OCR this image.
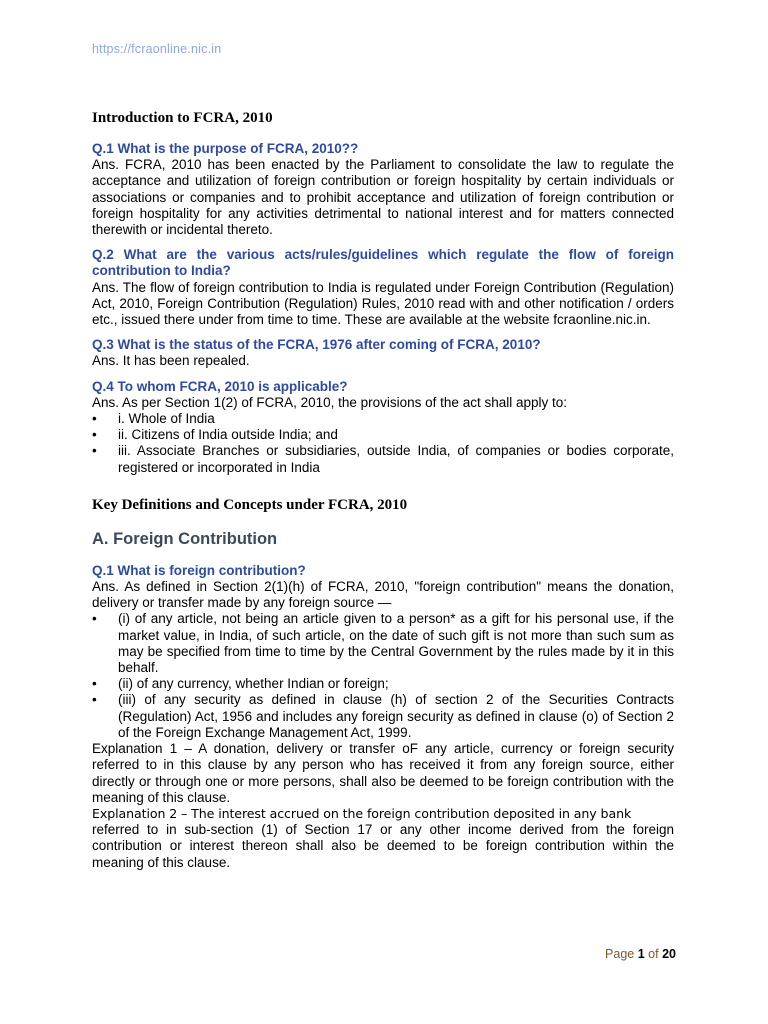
https://fcraonline.nic.in
Introduction to FCRA, 2010

Q.1 What is the purpose of FCRA, 2010??

Ans. FCRA, 2010 has been enacted by the Parliament to consolidate the law to regulate the acceptance and utilization of foreign contribution or foreign hospitality by certain individuals or associations or companies and to prohibit acceptance and utilization of foreign contribution or foreign hospitality for any activities detrimental to national interest and for matters connected therewith or incidental thereto.

Q.2 What are the various acts/rules/guidelines which regulate the flow of foreign contribution to India?

Ans. The flow of foreign contribution to India is regulated under Foreign Contribution (Regulation) Act, 2010, Foreign Contribution (Regulation) Rules, 2010 read with and other notification / orders etc., issued there under from time to time. These are available at the website fcraonline.nic.in.

Q.3 What is the status of the FCRA, 1976 after coming of FCRA, 2010?

Ans. It has been repealed.

Q.4 To whom FCRA, 2010 is applicable?

Ans. As per Section 1(2) of FCRA, 2010, the provisions of the act shall apply to:

• i. Whole of India
• ii. Citizens of India outside India; and
• iii. Associate Branches or subsidiaries, outside India, of companies or bodies corporate, registered or incorporated in India
Key Definitions and Concepts under FCRA, 2010
A. Foreign Contribution

Q.1 What is foreign contribution?

Ans. As defined in Section 2(1)(h) of FCRA, 2010, "foreign contribution" means the donation, delivery or transfer made by any foreign source —

• (i) of any article, not being an article given to a person* as a gift for his personal use, if the market value, in India, of such article, on the date of such gift is not more than such sum as may be specified from time to time by the Central Government by the rules made by it in this behalf.
• (ii) of any currency, whether Indian or foreign;
• (iii) of any security as defined in clause (h) of section 2 of the Securities Contracts (Regulation) Act, 1956 and includes any foreign security as defined in clause (o) of Section 2 of the Foreign Exchange Management Act, 1999.

Explanation 1 – A donation, delivery or transfer oF any article, currency or foreign security referred to in this clause by any person who has received it from any foreign source, either directly or through one or more persons, shall also be deemed to be foreign contribution with the meaning of this clause.

Explanation 2 – The interest accrued on the foreign contribution deposited in any bank

referred to in sub-section (1) of Section 17 or any other income derived from the foreign contribution or interest thereon shall also be deemed to be foreign contribution within the meaning of this clause.

Page 1 of 20
